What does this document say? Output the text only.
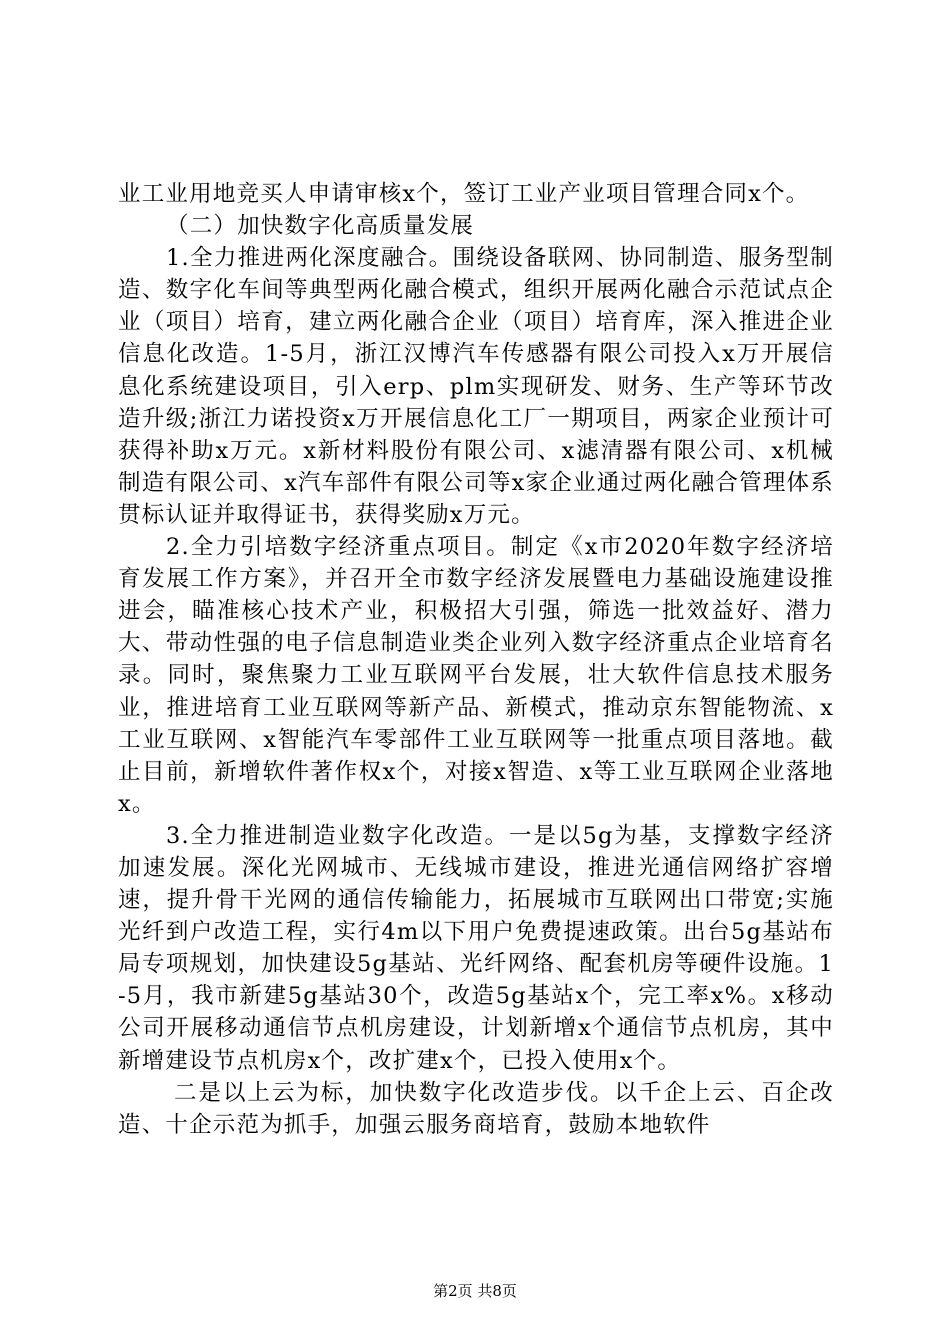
业工业用地竞买人申请审核x个，签订工业产业项目管理合同x个。

（二）加快数字化高质量发展

1.全力推进两化深度融合。围绕设备联网、协同制造、服务型制造、数字化车间等典型两化融合模式，组织开展两化融合示范试点企业（项目）培育，建立两化融合企业（项目）培育库，深入推进企业信息化改造。1-5月，浙江汉博汽车传感器有限公司投入x万开展信息化系统建设项目，引入erp、plm实现研发、财务、生产等环节改造升级;浙江力诺投资x万开展信息化工厂一期项目，两家企业预计可获得补助x万元。x新材料股份有限公司、x滤清器有限公司、x机械制造有限公司、x汽车部件有限公司等x家企业通过两化融合管理体系贯标认证并取得证书，获得奖励x万元。

2.全力引培数字经济重点项目。制定《x市2020年数字经济培育发展工作方案》，并召开全市数字经济发展暨电力基础设施建设推进会，瞄准核心技术产业，积极招大引强，筛选一批效益好、潜力大、带动性强的电子信息制造业类企业列入数字经济重点企业培育名录。同时，聚焦聚力工业互联网平台发展，壮大软件信息技术服务业，推进培育工业互联网等新产品、新模式，推动京东智能物流、x工业互联网、x智能汽车零部件工业互联网等一批重点项目落地。截止目前，新增软件著作权x个，对接x智造、x等工业互联网企业落地x。

3.全力推进制造业数字化改造。一是以5g为基，支撑数字经济加速发展。深化光网城市、无线城市建设，推进光通信网络扩容增速，提升骨干光网的通信传输能力，拓展城市互联网出口带宽;实施光纤到户改造工程，实行4m以下用户免费提速政策。出台5g基站布局专项规划，加快建设5g基站、光纤网络、配套机房等硬件设施。1-5月，我市新建5g基站30个，改造5g基站x个，完工率x%。x移动公司开展移动通信节点机房建设，计划新增x个通信节点机房，其中新增建设节点机房x个，改扩建x个，已投入使用x个。

二是以上云为标，加快数字化改造步伐。以千企上云、百企改造、十企示范为抓手，加强云服务商培育，鼓励本地软件

第2页 共8页
